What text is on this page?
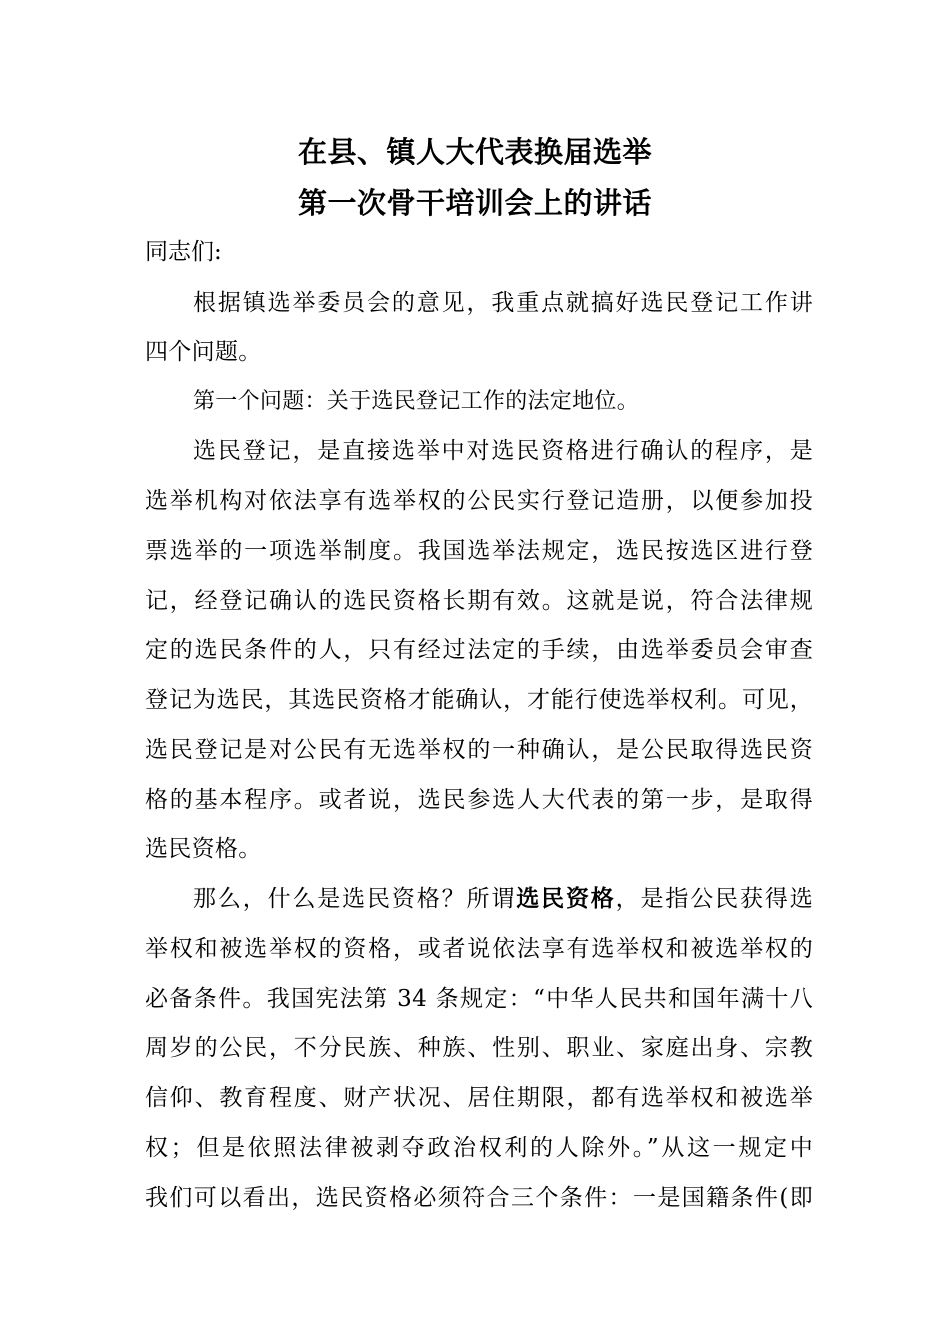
在县、镇人大代表换届选举
第一次骨干培训会上的讲话
同志们:
根据镇选举委员会的意见，我重点就搞好选民登记工作讲
四个问题。
第一个问题：关于选民登记工作的法定地位。
选民登记，是直接选举中对选民资格进行确认的程序，是
选举机构对依法享有选举权的公民实行登记造册，以便参加投
票选举的一项选举制度。我国选举法规定，选民按选区进行登
记，经登记确认的选民资格长期有效。这就是说，符合法律规
定的选民条件的人，只有经过法定的手续，由选举委员会审查
登记为选民，其选民资格才能确认，才能行使选举权利。可见，
选民登记是对公民有无选举权的一种确认，是公民取得选民资
格的基本程序。或者说，选民参选人大代表的第一步，是取得
选民资格。
那么，什么是选民资格？所谓选民资格，是指公民获得选
举权和被选举权的资格，或者说依法享有选举权和被选举权的
必备条件。我国宪法第 34 条规定：“中华人民共和国年满十八
周岁的公民，不分民族、种族、性别、职业、家庭出身、宗教
信仰、教育程度、财产状况、居住期限，都有选举权和被选举
权；但是依照法律被剥夺政治权利的人除外。”从这一规定中
我们可以看出，选民资格必须符合三个条件：一是国籍条件(即
